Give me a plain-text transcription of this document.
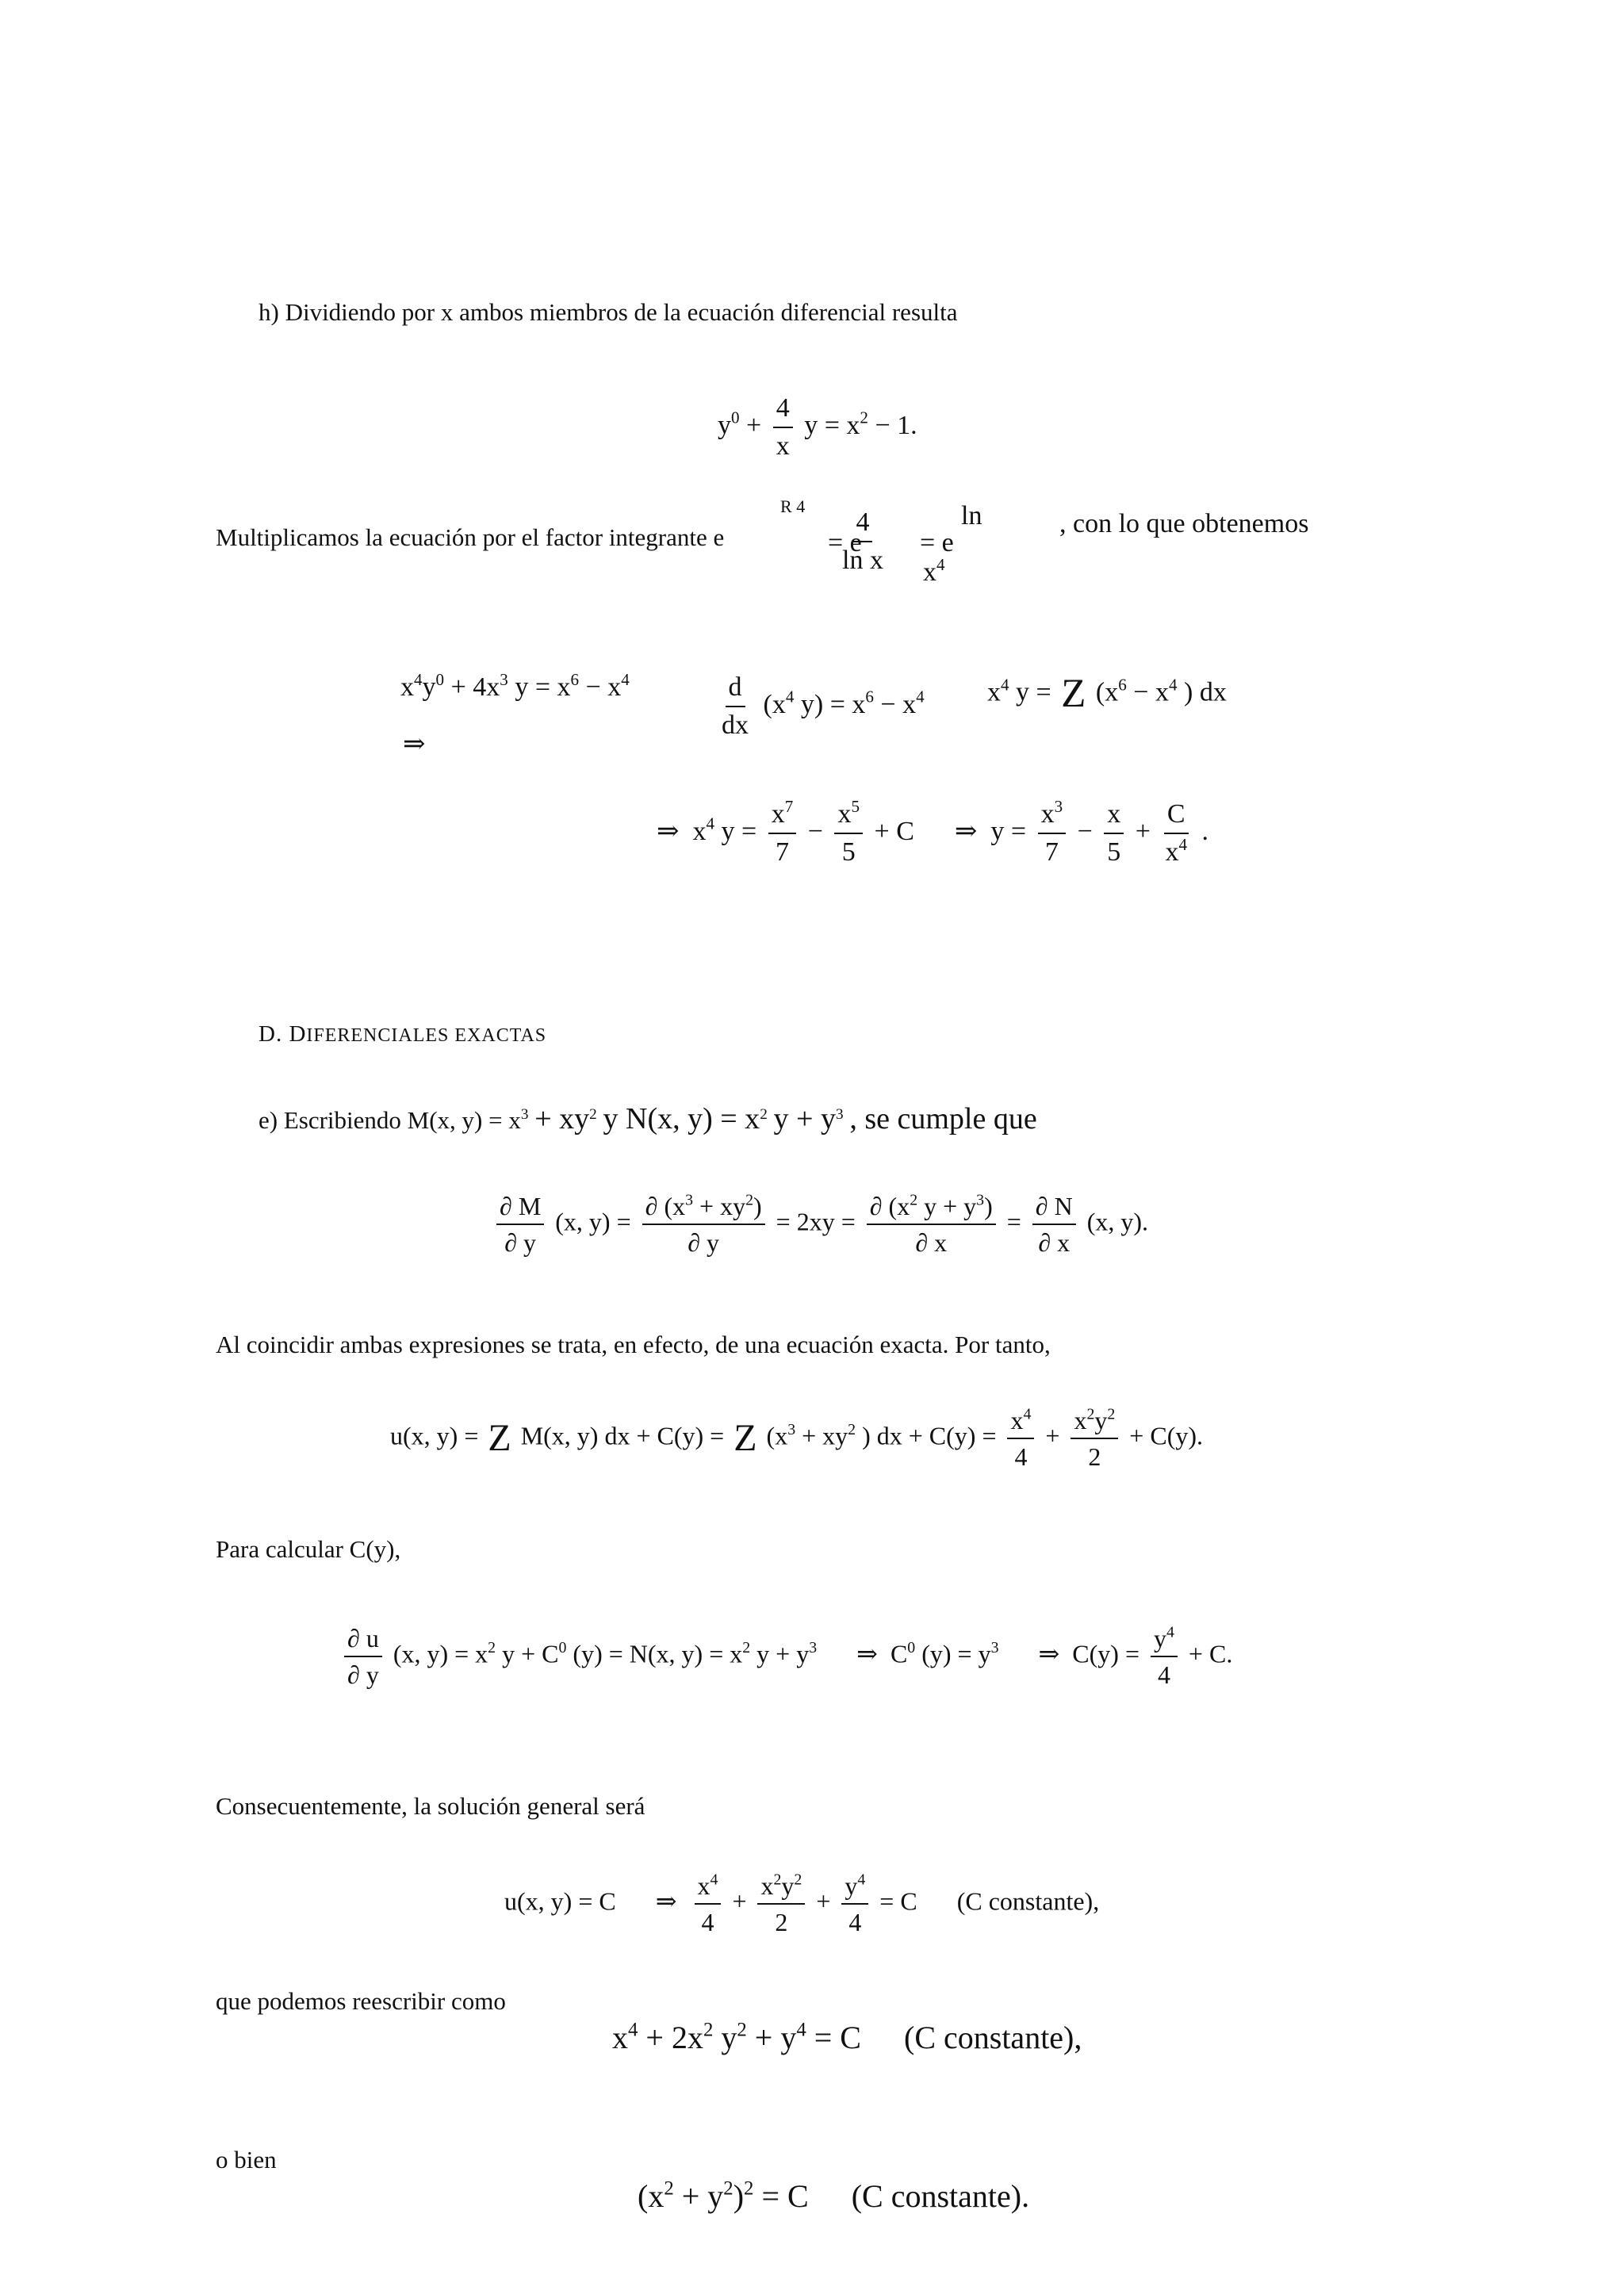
h) Dividiendo por x ambos miembros de la ecuación diferencial resulta
$y^0 + \frac{4}{x}$ $y = x^2 - 1$.
Multiplicamos la ecuación por el factor integrante e
R 4
$\frac{4}{\text{ln x}}$
= e = e
ln
$x^4$
, con lo que obtenemos
$x^4y^0 + 4x^3$ $y = x^6 - x^4$
⇒
$\frac{d}{dx} (x^4$ $y) = x^6 - x^4$ $x^4$ y = Z ($x^6 - x^4$ ) dx
⇒ $x^4$ $y = \frac{x^7}{7} - \frac{x^5}{5} + C$ ⇒ $y = \frac{x^3}{7} - \frac{x}{5} + \frac{C}{x^4}$ .
D. DIFERENCIALES EXACTAS
e) Escribiendo M(x, $y) = x^3 + xy^2$ y N(x, $y) = x^2$ $y + y^3$ , se cumple que
$\frac{\partial M}{\partial y} (x$, $y) = \frac{\partial (x^3 + xy^2)}{\partial y} = 2xy = \frac{\partial (x^2 y + y^3)}{\partial x} = \frac{\partial N}{\partial x} (x$, y).
Al coincidir ambas expresiones se trata, en efecto, de una ecuación exacta. Por tanto,
u(x, y) = Z M(x, y) dx + C(y) = Z ($x^3 + xy^2$ ) dx + $C(y) = \frac{x^4}{4} + \frac{x^2y^2}{2} + C(y)$.
Para calcular C(y),
$\frac{\partial u}{\partial y} (x$, $y) = x^2$ $y + C^0$ (y) = N(x, $y) = x^2$ $y + y^3$ ⇒ $C^0$ $(y) = y^3$ ⇒ $C(y) = \frac{y^4}{4} + C$.
Consecuentemente, la solución general será
u(x, y) = C ⇒ $\frac{x^4}{4} + \frac{x^2y^2}{2} + \frac{y^4}{4} = C$ (C constante),
que podemos reescribir como
$x^4 + 2x^2$ $y^2 + y^4 = C$ (C constante),
o bien
$(x^2 + y^2)^2 = C$ (C constante).
